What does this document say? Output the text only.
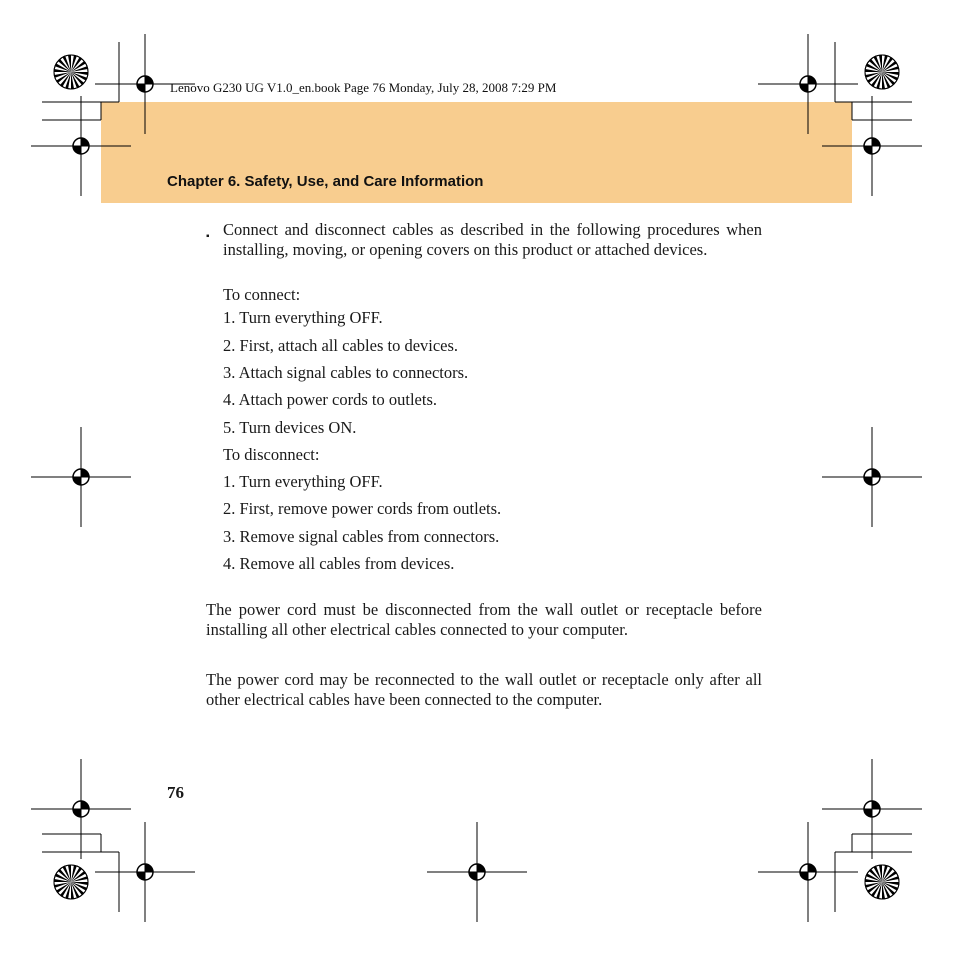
Lenovo G230 UG V1.0_en.book Page 76 Monday, July 28, 2008 7:29 PM
Chapter 6. Safety, Use, and Care Information
▪ Connect and disconnect cables as described in the following procedures when installing, moving, or opening covers on this product or attached devices.
To connect:
1. Turn everything OFF.
2. First, attach all cables to devices.
3. Attach signal cables to connectors.
4. Attach power cords to outlets.
5. Turn devices ON.
To disconnect:
1. Turn everything OFF.
2. First, remove power cords from outlets.
3. Remove signal cables from connectors.
4. Remove all cables from devices.
The power cord must be disconnected from the wall outlet or receptacle before installing all other electrical cables connected to your computer.
The power cord may be reconnected to the wall outlet or receptacle only after all other electrical cables have been connected to the computer.
76
